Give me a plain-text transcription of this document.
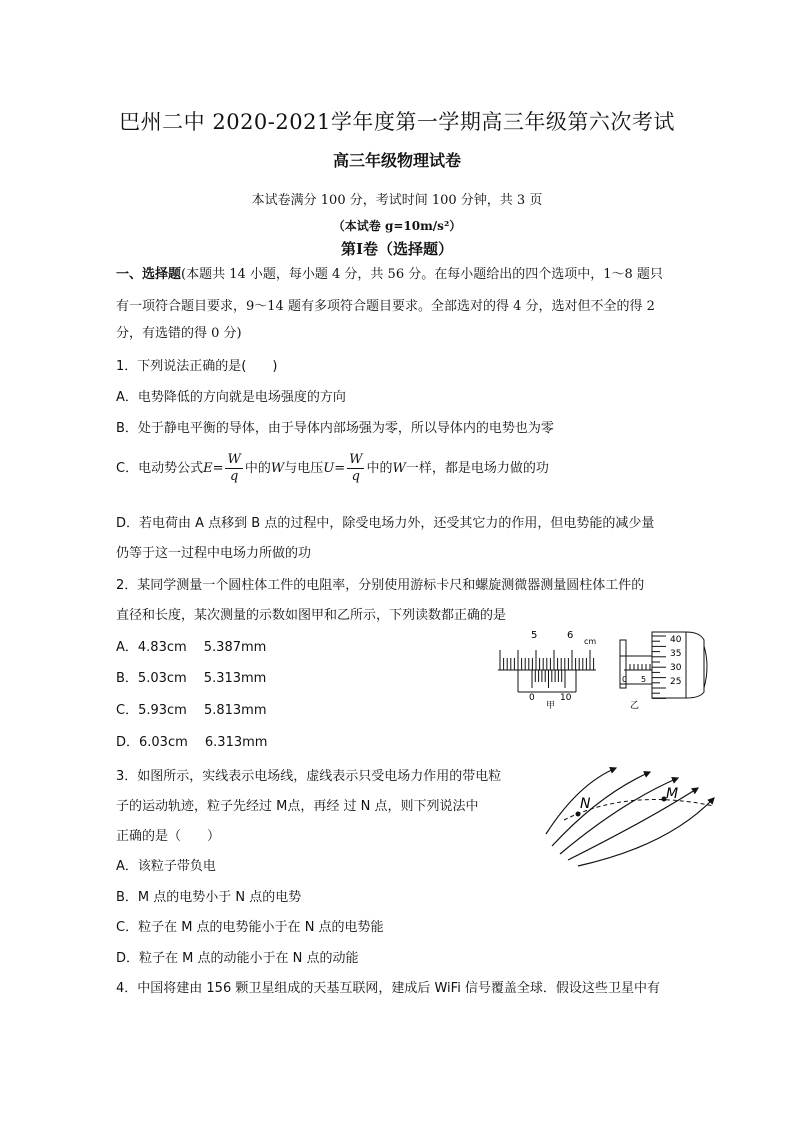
巴州二中 2020-2021学年度第一学期高三年级第六次考试
高三年级物理试卷
本试卷满分 100 分，考试时间 100 分钟，共 3 页
（本试卷 g=10m/s²）
第Ⅰ卷（选择题）
一、选择题(本题共 14 小题，每小题 4 分，共 56 分。在每小题给出的四个选项中，1～8 题只
有一项符合题目要求，9～14 题有多项符合题目要求。全部选对的得 4 分，选对但不全的得 2
分，有选错的得 0 分)
1．下列说法正确的是(　　)
A．电势降低的方向就是电场强度的方向
B．处于静电平衡的导体，由于导体内部场强为零，所以导体内的电势也为零
C．电动势公式$E= \frac{W}{q}$ 中的W与电压$U= \frac{W}{q}$ 中的W一样，都是电场力做的功
D．若电荷由 A 点移到 B 点的过程中，除受电场力外，还受其它力的作用，但电势能的减少量
仍等于这一过程中电场力所做的功
2．某同学测量一个圆柱体工件的电阻率，分别使用游标卡尺和螺旋测微器测量圆柱体工件的
直径和长度，某次测量的示数如图甲和乙所示，下列读数都正确的是
A．4.83cm　 5.387mm
B．5.03cm　 5.313mm
C．5.93cm　 5.813mm
D．6.03cm　 6.313mm
5	6
cm
0	10
甲
0 5
40
35
30
25
乙
3．如图所示，实线表示电场线，虚线表示只受电场力作用的带电粒
子的运动轨迹，粒子先经过 M点，再经 过 N 点，则下列说法中
正确的是（　　）
A．该粒子带负电
B．M 点的电势小于 N 点的电势
C．粒子在 M 点的电势能小于在 N 点的电势能
D．粒子在 M 点的动能小于在 N 点的动能
N
M
4．中国将建由 156 颗卫星组成的天基互联网，建成后 WiFi 信号覆盖全球．假设这些卫星中有
